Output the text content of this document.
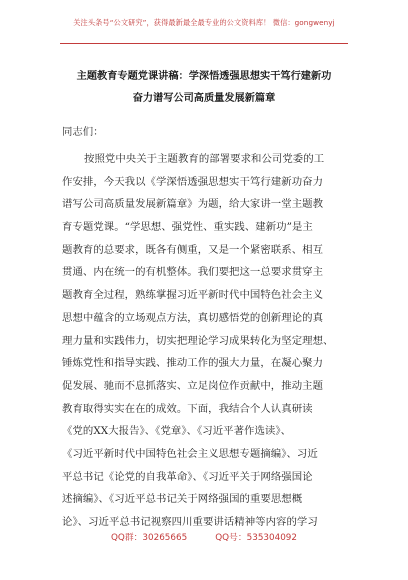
关注头条号“公文研究”，获得最新最全最专业的公文资料库！ 微信：gongwenyj
主题教育专题党课讲稿：学深悟透强思想实干笃行建新功
奋力谱写公司高质量发展新篇章
同志们：
按照党中央关于主题教育的部署要求和公司党委的工
作安排，今天我以《学深悟透强思想实干笃行建新功奋力
谱写公司高质量发展新篇章》为题，给大家讲一堂主题教
育专题党课。“学思想、强党性、重实践、建新功”是主
题教育的总要求，既各有侧重，又是一个紧密联系、相互
贯通、内在统一的有机整体。我们要把这一总要求贯穿主
题教育全过程，熟练掌握习近平新时代中国特色社会主义
思想中蕴含的立场观点方法，真切感悟党的创新理论的真
理力量和实践伟力，切实把理论学习成果转化为坚定理想、
锤炼党性和指导实践、推动工作的强大力量，在凝心聚力
促发展、驰而不息抓落实、立足岗位作贡献中，推动主题
教育取得实实在在的成效。下面，我结合个人认真研读
《党的XX大报告》、《党章》、《习近平著作选读》、
《习近平新时代中国特色社会主义思想专题摘编》、习近
平总书记《论党的自我革命》、《习近平关于网络强国论
述摘编》、《习近平总书记关于网络强国的重要思想概
论》、习近平总书记视察四川重要讲话精神等内容的学习
QQ群：30265665	QQ号：535304092
